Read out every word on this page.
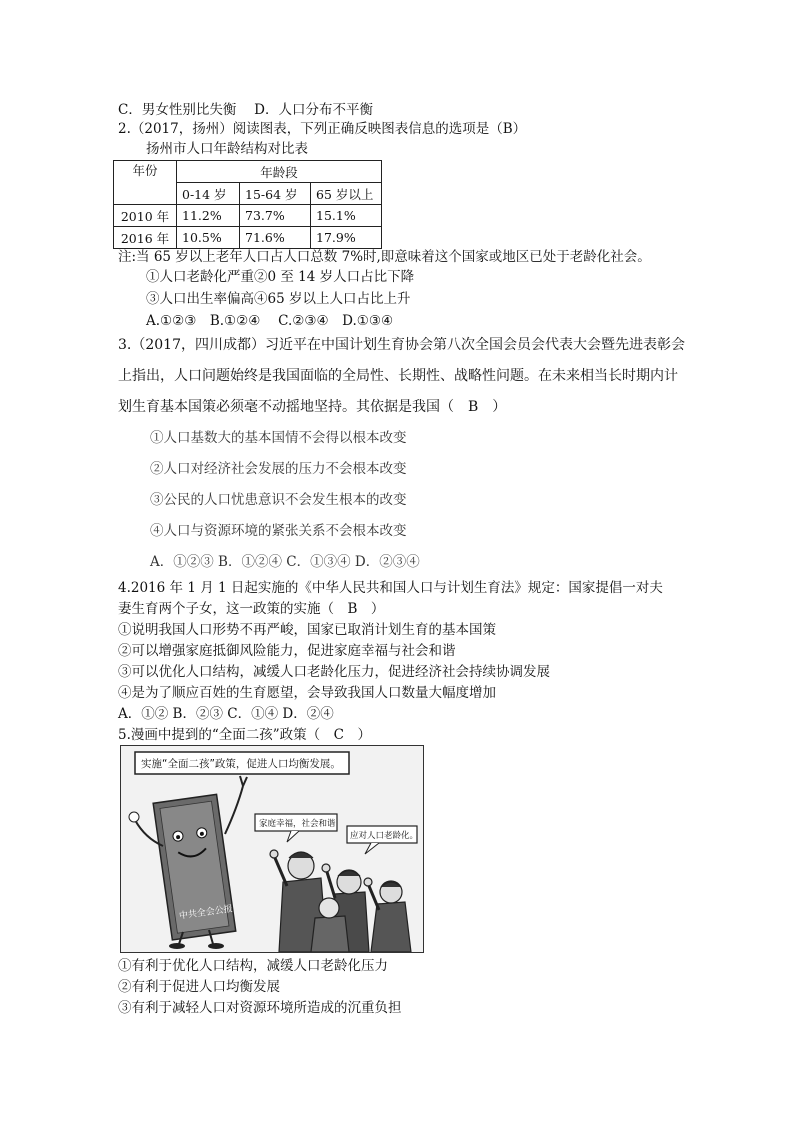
C．男女性别比失衡　 D．人口分布不平衡
2.（2017，扬州）阅读图表，下列正确反映图表信息的选项是（B）
扬州市人口年龄结构对比表
年份	年龄段		
	0-14 岁	15-64 岁	65 岁以上
2010 年	11.2%	73.7%	15.1%
2016 年	10.5%	71.6%	17.9%
注:当 65 岁以上老年人口占人口总数 7%时,即意味着这个国家或地区已处于老龄化社会。
①人口老龄化严重②0 至 14 岁人口占比下降
③人口出生率偏高④65 岁以上人口占比上升
A.①②③　B.①②④　 C.②③④　D.①③④
3.（2017，四川成都）习近平在中国计划生育协会第八次全国会员会代表大会暨先进表彰会
上指出，人口问题始终是我国面临的全局性、长期性、战略性问题。在未来相当长时期内计
划生育基本国策必须毫不动摇地坚持。其依据是我国（　B　）
①人口基数大的基本国情不会得以根本改变
②人口对经济社会发展的压力不会根本改变
③公民的人口忧患意识不会发生根本的改变
④人口与资源环境的紧张关系不会根本改变
A．①②③ B．①②④ C．①③④ D．②③④
4.2016 年 1 月 1 日起实施的《中华人民共和国人口与计划生育法》规定：国家提倡一对夫
妻生育两个子女，这一政策的实施（　B　）
①说明我国人口形势不再严峻，国家已取消计划生育的基本国策
②可以增强家庭抵御风险能力，促进家庭幸福与社会和谐
③可以优化人口结构，减缓人口老龄化压力，促进经济社会持续协调发展
④是为了顺应百姓的生育愿望，会导致我国人口数量大幅度增加
A．①② B．②③ C．①④ D．②④
5.漫画中提到的“全面二孩”政策（　C　）
实施“全面二孩”政策，促进人口均衡发展。
中共全会公报
家庭幸福，社会和谐
应对人口老龄化。
①有利于优化人口结构，减缓人口老龄化压力
②有利于促进人口均衡发展
③有利于减轻人口对资源环境所造成的沉重负担
